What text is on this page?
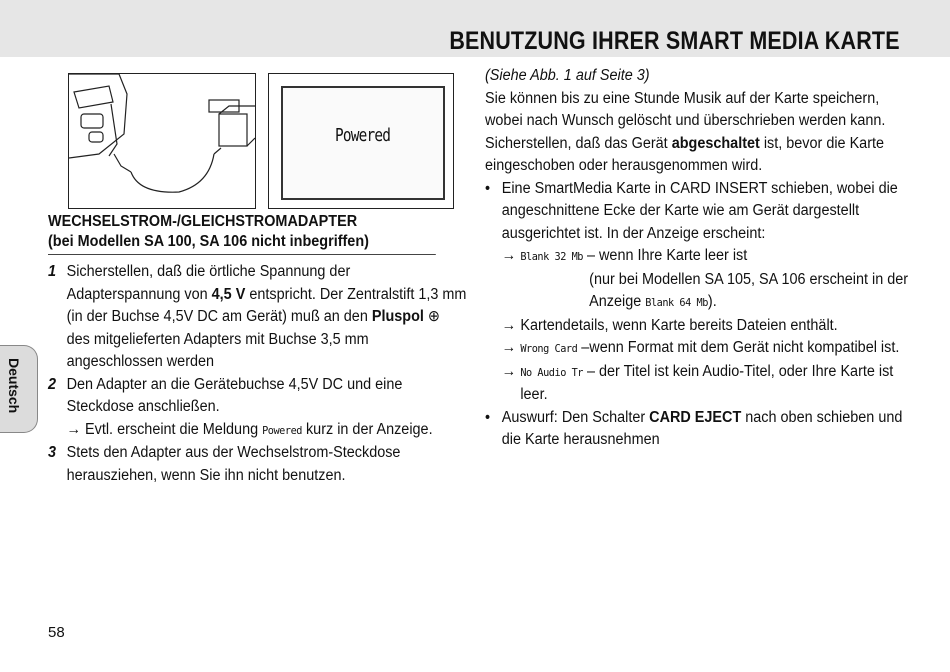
BENUTZUNG IHRER SMART MEDIA KARTE
Powered
WECHSELSTROM-/GLEICHSTROMADAPTER
(bei Modellen SA 100, SA 106 nicht inbegriffen)
1 Sicherstellen, daß die örtliche Spannung der Adapterspannung von 4,5 V entspricht. Der Zentralstift 1,3 mm (in der Buchse 4,5V DC am Gerät) muß an den Pluspol ⊕ des mitgelieferten Adapters mit Buchse 3,5 mm angeschlossen werden
2 Den Adapter an die Gerätebuchse 4,5V DC und eine Steckdose anschließen.
→ Evtl. erscheint die Meldung Powered kurz in der Anzeige.
3 Stets den Adapter aus der Wechselstrom-Steckdose herausziehen, wenn Sie ihn nicht benutzen.
(Siehe Abb. 1 auf Seite 3)
Sie können bis zu eine Stunde Musik auf der Karte speichern, wobei nach Wunsch gelöscht und überschrieben werden kann. Sicherstellen, daß das Gerät abgeschaltet ist, bevor die Karte eingeschoben oder herausgenommen wird.
• Eine SmartMedia Karte in CARD INSERT schieben, wobei die angeschnittene Ecke der Karte wie am Gerät dargestellt ausgerichtet ist. In der Anzeige erscheint:
→ Blank 32 Mb – wenn Ihre Karte leer ist
(nur bei Modellen SA 105, SA 106 erscheint in der Anzeige Blank 64 Mb).
→ Kartendetails, wenn Karte bereits Dateien enthält.
→ Wrong Card –wenn Format mit dem Gerät nicht kompatibel ist.
→ No Audio Tr – der Titel ist kein Audio-Titel, oder Ihre Karte ist leer.
• Auswurf: Den Schalter CARD EJECT nach oben schieben und die Karte herausnehmen
Deutsch
58
